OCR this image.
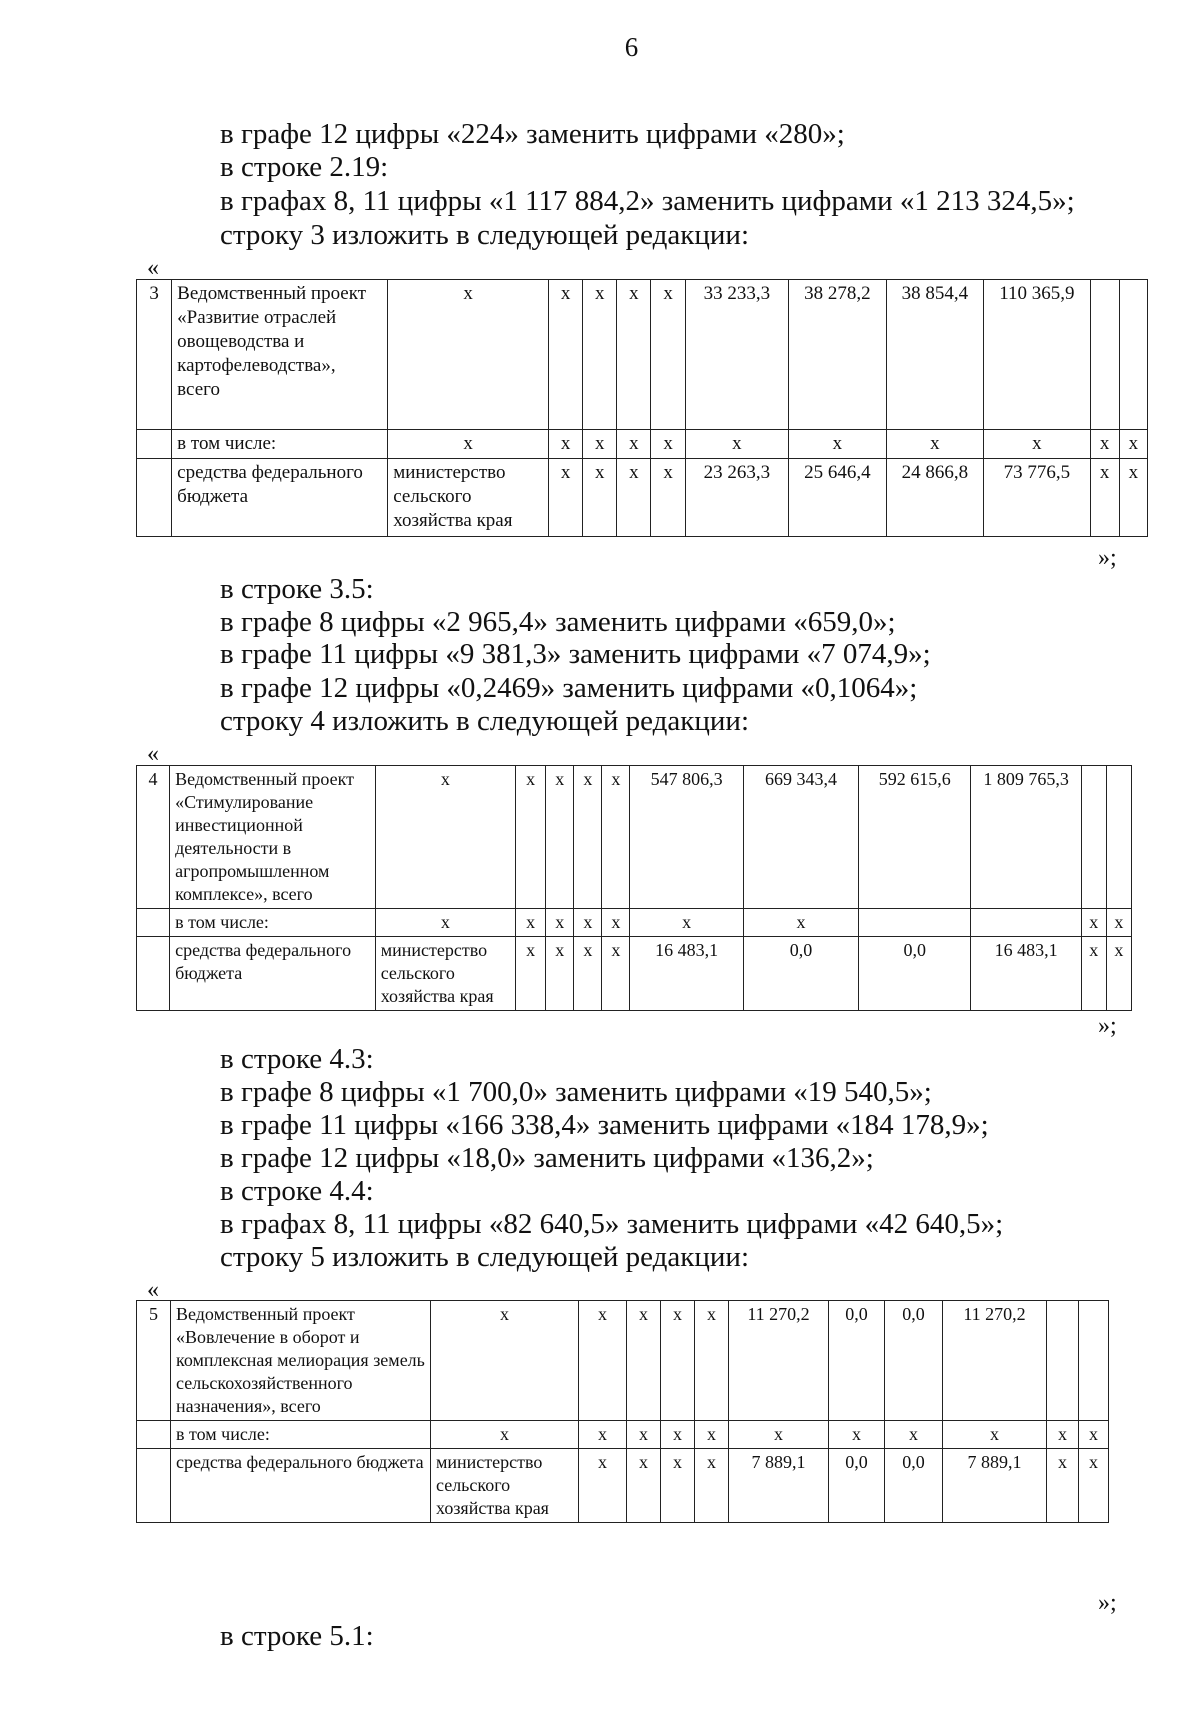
6
в графе 12 цифры «224» заменить цифрами «280»;
в строке 2.19:
в графах 8, 11 цифры «1 117 884,2» заменить цифрами «1 213 324,5»;
строку 3 изложить в следующей редакции:
«
3	Ведомственный проект «Развитие отраслей овощеводства и картофелеводства», всего	х	х	х	х	х	33 233,3	38 278,2	38 854,4	110 365,9		
	в том числе:	х	х	х	х	х	х	х	х	х	х	х
	средства федерального бюджета	министерство сельского хозяйства края	х	х	х	х	23 263,3	25 646,4	24 866,8	73 776,5	х	х
»;
в строке 3.5:
в графе 8 цифры «2 965,4» заменить цифрами «659,0»;
в графе 11 цифры «9 381,3» заменить цифрами «7 074,9»;
в графе 12 цифры «0,2469» заменить цифрами «0,1064»;
строку 4 изложить в следующей редакции:
«
4	Ведомственный проект «Стимулирование инвестиционной деятельности в агропромышленном комплексе», всего	х	х	х	х	х	547 806,3	669 343,4	592 615,6	1 809 765,3		
	в том числе:	х	х	х	х	х	х	х			х	х
	средства федерального бюджета	министерство сельского хозяйства края	х	х	х	х	16 483,1	0,0	0,0	16 483,1	х	х
»;
в строке 4.3:
в графе 8 цифры «1 700,0» заменить цифрами «19 540,5»;
в графе 11 цифры «166 338,4» заменить цифрами «184 178,9»;
в графе 12 цифры «18,0» заменить цифрами «136,2»;
в строке 4.4:
в графах 8, 11 цифры «82 640,5» заменить цифрами «42 640,5»;
строку 5 изложить в следующей редакции:
«
5	Ведомственный проект «Вовлечение в оборот и комплексная мелиорация земель сельскохозяйственного назначения», всего	х	х	х	х	х	11 270,2	0,0	0,0	11 270,2		
	в том числе:	х	х	х	х	х	х	х	х	х	х	х
	средства федерального бюджета	министерство сельского хозяйства края	х	х	х	х	7 889,1	0,0	0,0	7 889,1	х	х
»;
в строке 5.1:
